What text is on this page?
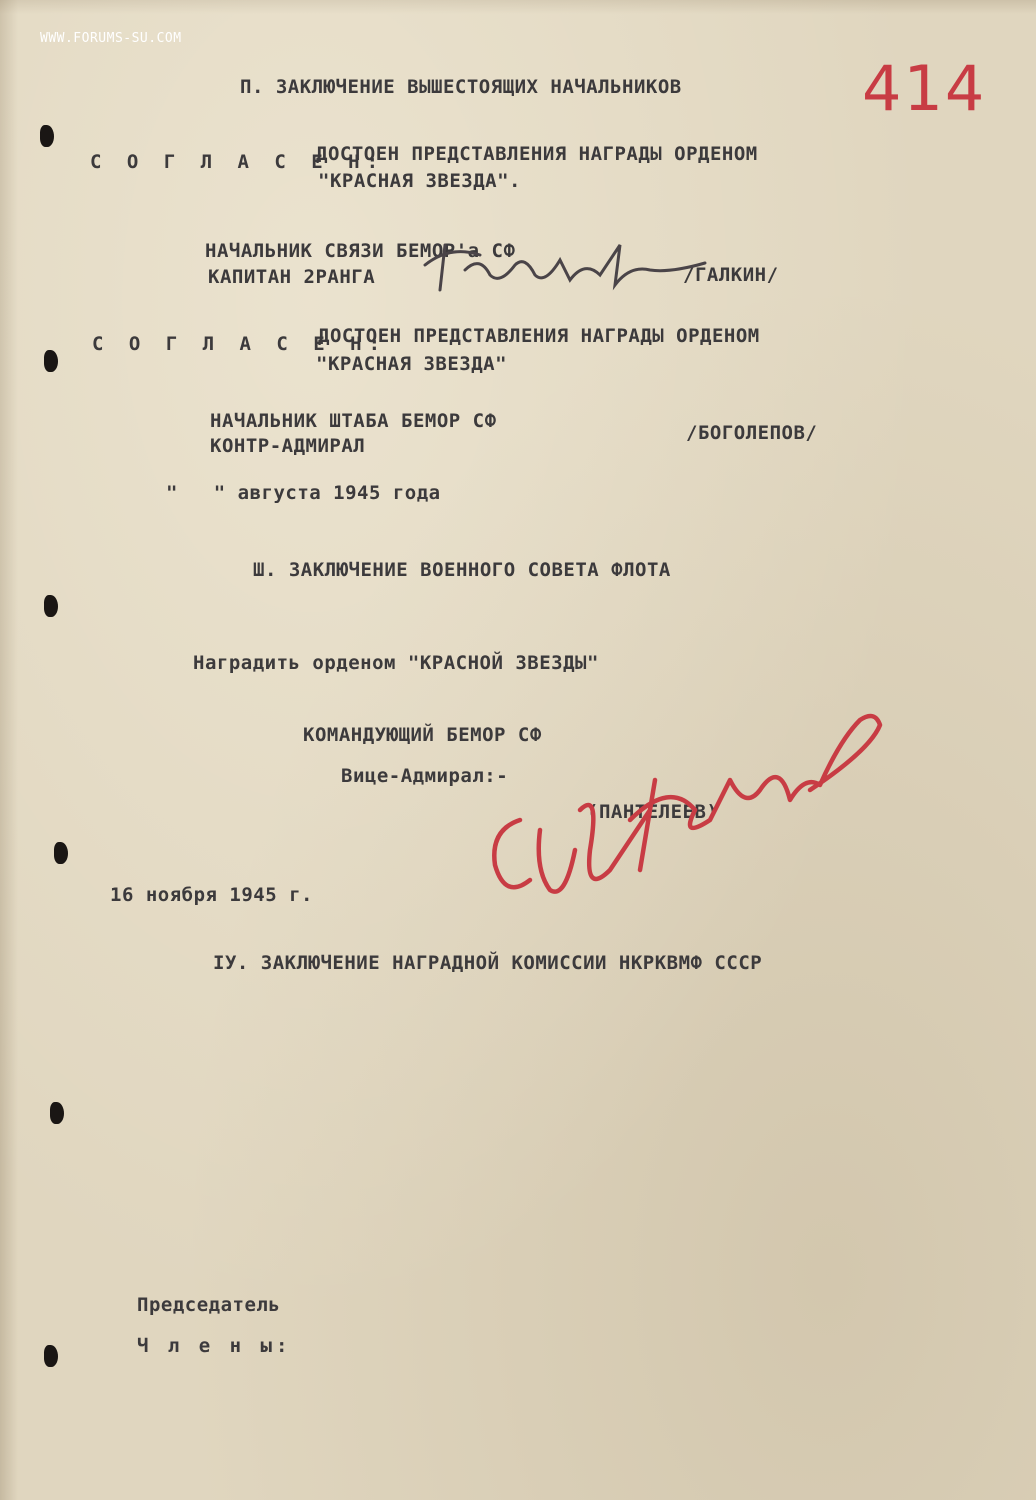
WWW.FORUMS-SU.COM
414
П. ЗАКЛЮЧЕНИЕ ВЫШЕСТОЯЩИХ НАЧАЛЬНИКОВ
С О Г Л А С Е Н:
ДОСТОЕН ПРЕДСТАВЛЕНИЯ НАГРАДЫ ОРДЕНОМ
"КРАСНАЯ ЗВЕЗДА".
НАЧАЛЬНИК СВЯЗИ БЕМОР'а СФ
КАПИТАН 2РАНГА	/ГАЛКИН/
С О Г Л А С Е Н:
ДОСТОЕН ПРЕДСТАВЛЕНИЯ НАГРАДЫ ОРДЕНОМ
"КРАСНАЯ ЗВЕЗДА"
НАЧАЛЬНИК ШТАБА БЕМОР СФ
КОНТР-АДМИРАЛ
/БОГОЛЕПОВ/
"   " августа 1945 года
Ш. ЗАКЛЮЧЕНИЕ ВОЕННОГО СОВЕТА ФЛОТА
Наградить орденом "КРАСНОЙ ЗВЕЗДЫ"
КОМАНДУЮЩИЙ БЕМОР СФ
Вице-Адмирал:-
(ПАНТЕЛЕЕВ)
16 ноября 1945 г.
IУ. ЗАКЛЮЧЕНИЕ НАГРАДНОЙ КОМИССИИ НКРКВМФ СССР
Председатель
Ч л е н ы:
